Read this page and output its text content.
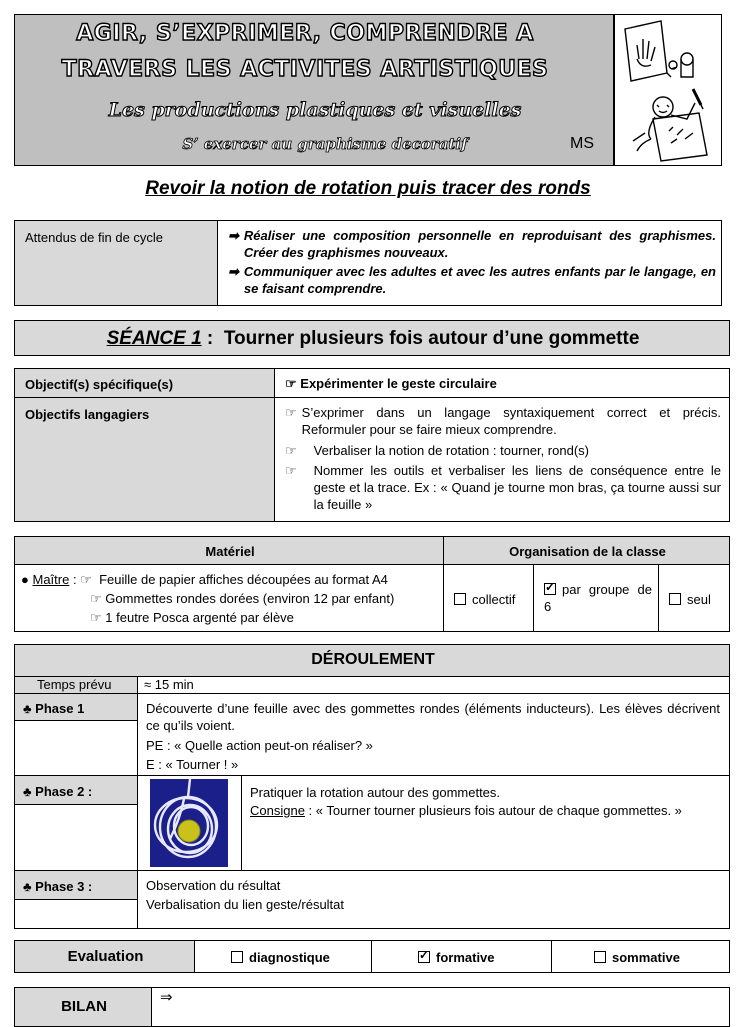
AGIR, S’EXPRIMER, COMPRENDRE A
TRAVERS LES ACTIVITES ARTISTIQUES
Les productions plastiques et visuelles
S’ exercer au graphisme decoratif	MS
Revoir la notion de rotation puis tracer des ronds
Attendus de fin de cycle	➡ Réaliser une composition personnelle en reproduisant des graphismes. Créer des graphismes nouveaux.
➡ Communiquer avec les adultes et avec les autres enfants par le langage, en se faisant comprendre.
SÉANCE 1 : Tourner plusieurs fois autour d’une gommette
Objectif(s) spécifique(s)	☞ Expérimenter le geste circulaire
Objectifs langagiers	☞ S’exprimer dans un langage syntaxiquement correct et précis. Reformuler pour se faire mieux comprendre.
☞ Verbaliser la notion de rotation : tourner, rond(s)
☞ Nommer les outils et verbaliser les liens de conséquence entre le geste et la trace. Ex : « Quand je tourne mon bras, ça tourne aussi sur la feuille »
Matériel	Organisation de la classe
● Maître : ☞ Feuille de papier affiches découpées au format A4
☞ Gommettes rondes dorées (environ 12 par enfant)
☞ 1 feutre Posca argenté par élève
collectif
✓par groupe de 6	seul
DÉROULEMENT
Temps prévu	≈ 15 min
♣ Phase 1	Découverte d’une feuille avec des gommettes rondes (éléments inducteurs). Les élèves décrivent ce qu’ils voient.
PE : « Quelle action peut-on réaliser? »
E : « Tourner ! »
♣ Phase 2 :	Pratiquer la rotation autour des gommettes.
Consigne : « Tourner tourner plusieurs fois autour de chaque gommettes. »
♣ Phase 3 :	Observation du résultat
Verbalisation du lien geste/résultat
Evaluation	diagnostique
✓	formative	sommative
BILAN
⇒
